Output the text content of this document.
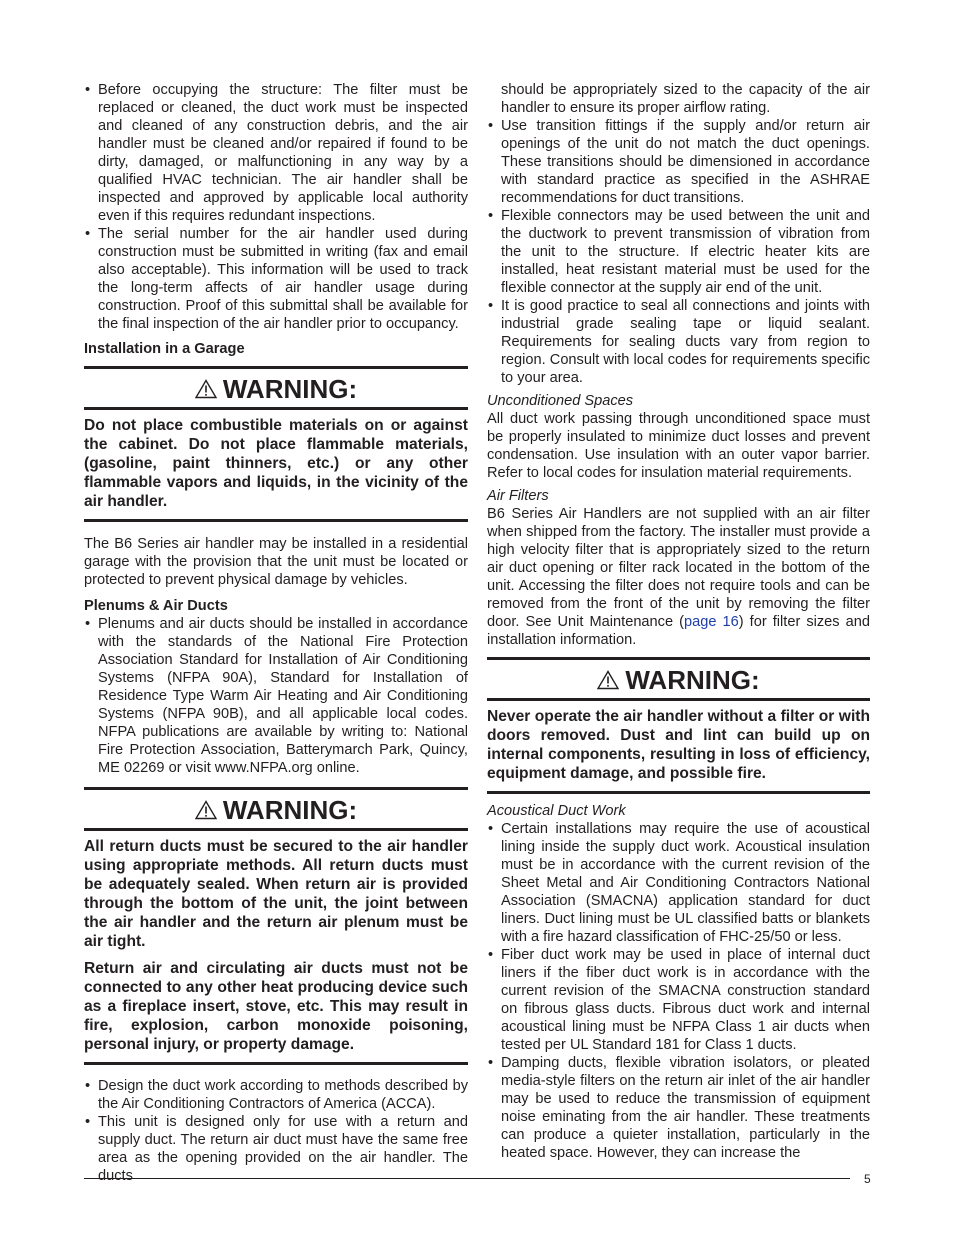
• Before occupying the structure: The filter must be replaced or cleaned, the duct work must be inspected and cleaned of any construction debris, and the air handler must be cleaned and/or repaired if found to be dirty, damaged, or malfunctioning in any way by a qualified HVAC technician. The air handler shall be inspected and approved by applicable local authority even if this requires redundant inspections.
• The serial number for the air handler used during construction must be submitted in writing (fax and email also acceptable). This information will be used to track the long-term affects of air handler usage during construction. Proof of this submittal shall be available for the final inspection of the air handler prior to occupancy.

Installation in a Garage

WARNING:

Do not place combustible materials on or against the cabinet. Do not place flammable materials, (gasoline, paint thinners, etc.) or any other flammable vapors and liquids, in the vicinity of the air handler.

The B6 Series air handler may be installed in a residential garage with the provision that the unit must be located or protected to prevent physical damage by vehicles.

Plenums & Air Ducts

• Plenums and air ducts should be installed in accordance with the standards of the National Fire Protection Association Standard for Installation of Air Conditioning Systems (NFPA 90A), Standard for Installation of Residence Type Warm Air Heating and Air Conditioning Systems (NFPA 90B), and all applicable local codes. NFPA publications are available by writing to: National Fire Protection Association, Batterymarch Park, Quincy, ME 02269 or visit www.NFPA.org online.
WARNING:

All return ducts must be secured to the air handler using appropriate methods. All return ducts must be adequately sealed. When return air is provided through the bottom of the unit, the joint between the air handler and the return air plenum must be air tight.

Return air and circulating air ducts must not be connected to any other heat producing device such as a fireplace insert, stove, etc. This may result in fire, explosion, carbon monoxide poisoning, personal injury, or property damage.

• Design the duct work according to methods described by the Air Conditioning Contractors of America (ACCA).
• This unit is designed only for use with a return and supply duct. The return air duct must have the same free area as the opening provided on the air handler. The ducts

should be appropriately sized to the capacity of the air handler to ensure its proper airflow rating.

• Use transition fittings if the supply and/or return air openings of the unit do not match the duct openings. These transitions should be dimensioned in accordance with standard practice as specified in the ASHRAE recommendations for duct transitions.
• Flexible connectors may be used between the unit and the ductwork to prevent transmission of vibration from the unit to the structure. If electric heater kits are installed, heat resistant material must be used for the flexible connector at the supply air end of the unit.
• It is good practice to seal all connections and joints with industrial grade sealing tape or liquid sealant. Requirements for sealing ducts vary from region to region. Consult with local codes for requirements specific to your area.

Unconditioned Spaces

All duct work passing through unconditioned space must be properly insulated to minimize duct losses and prevent condensation. Use insulation with an outer vapor barrier. Refer to local codes for insulation material requirements.

Air Filters

B6 Series Air Handlers are not supplied with an air filter when shipped from the factory. The installer must provide a high velocity filter that is appropriately sized to the return air duct opening or filter rack located in the bottom of the unit. Accessing the filter does not require tools and can be removed from the front of the unit by removing the filter door. See Unit Maintenance (page 16) for filter sizes and installation information.

WARNING:

Never operate the air handler without a filter or with doors removed. Dust and lint can build up on internal components, resulting in loss of efficiency, equipment damage, and possible fire.

Acoustical Duct Work

• Certain installations may require the use of acoustical lining inside the supply duct work. Acoustical insulation must be in accordance with the current revision of the Sheet Metal and Air Conditioning Contractors National Association (SMACNA) application standard for duct liners. Duct lining must be UL classified batts or blankets with a fire hazard classification of FHC-25/50 or less.
• Fiber duct work may be used in place of internal duct liners if the fiber duct work is in accordance with the current revision of the SMACNA construction standard on fibrous glass ducts. Fibrous duct work and internal acoustical lining must be NFPA Class 1 air ducts when tested per UL Standard 181 for Class 1 ducts.
• Damping ducts, flexible vibration isolators, or pleated media-style filters on the return air inlet of the air handler may be used to reduce the transmission of equipment noise eminating from the air handler. These treatments can produce a quieter installation, particularly in the heated space. However, they can increase the
5
